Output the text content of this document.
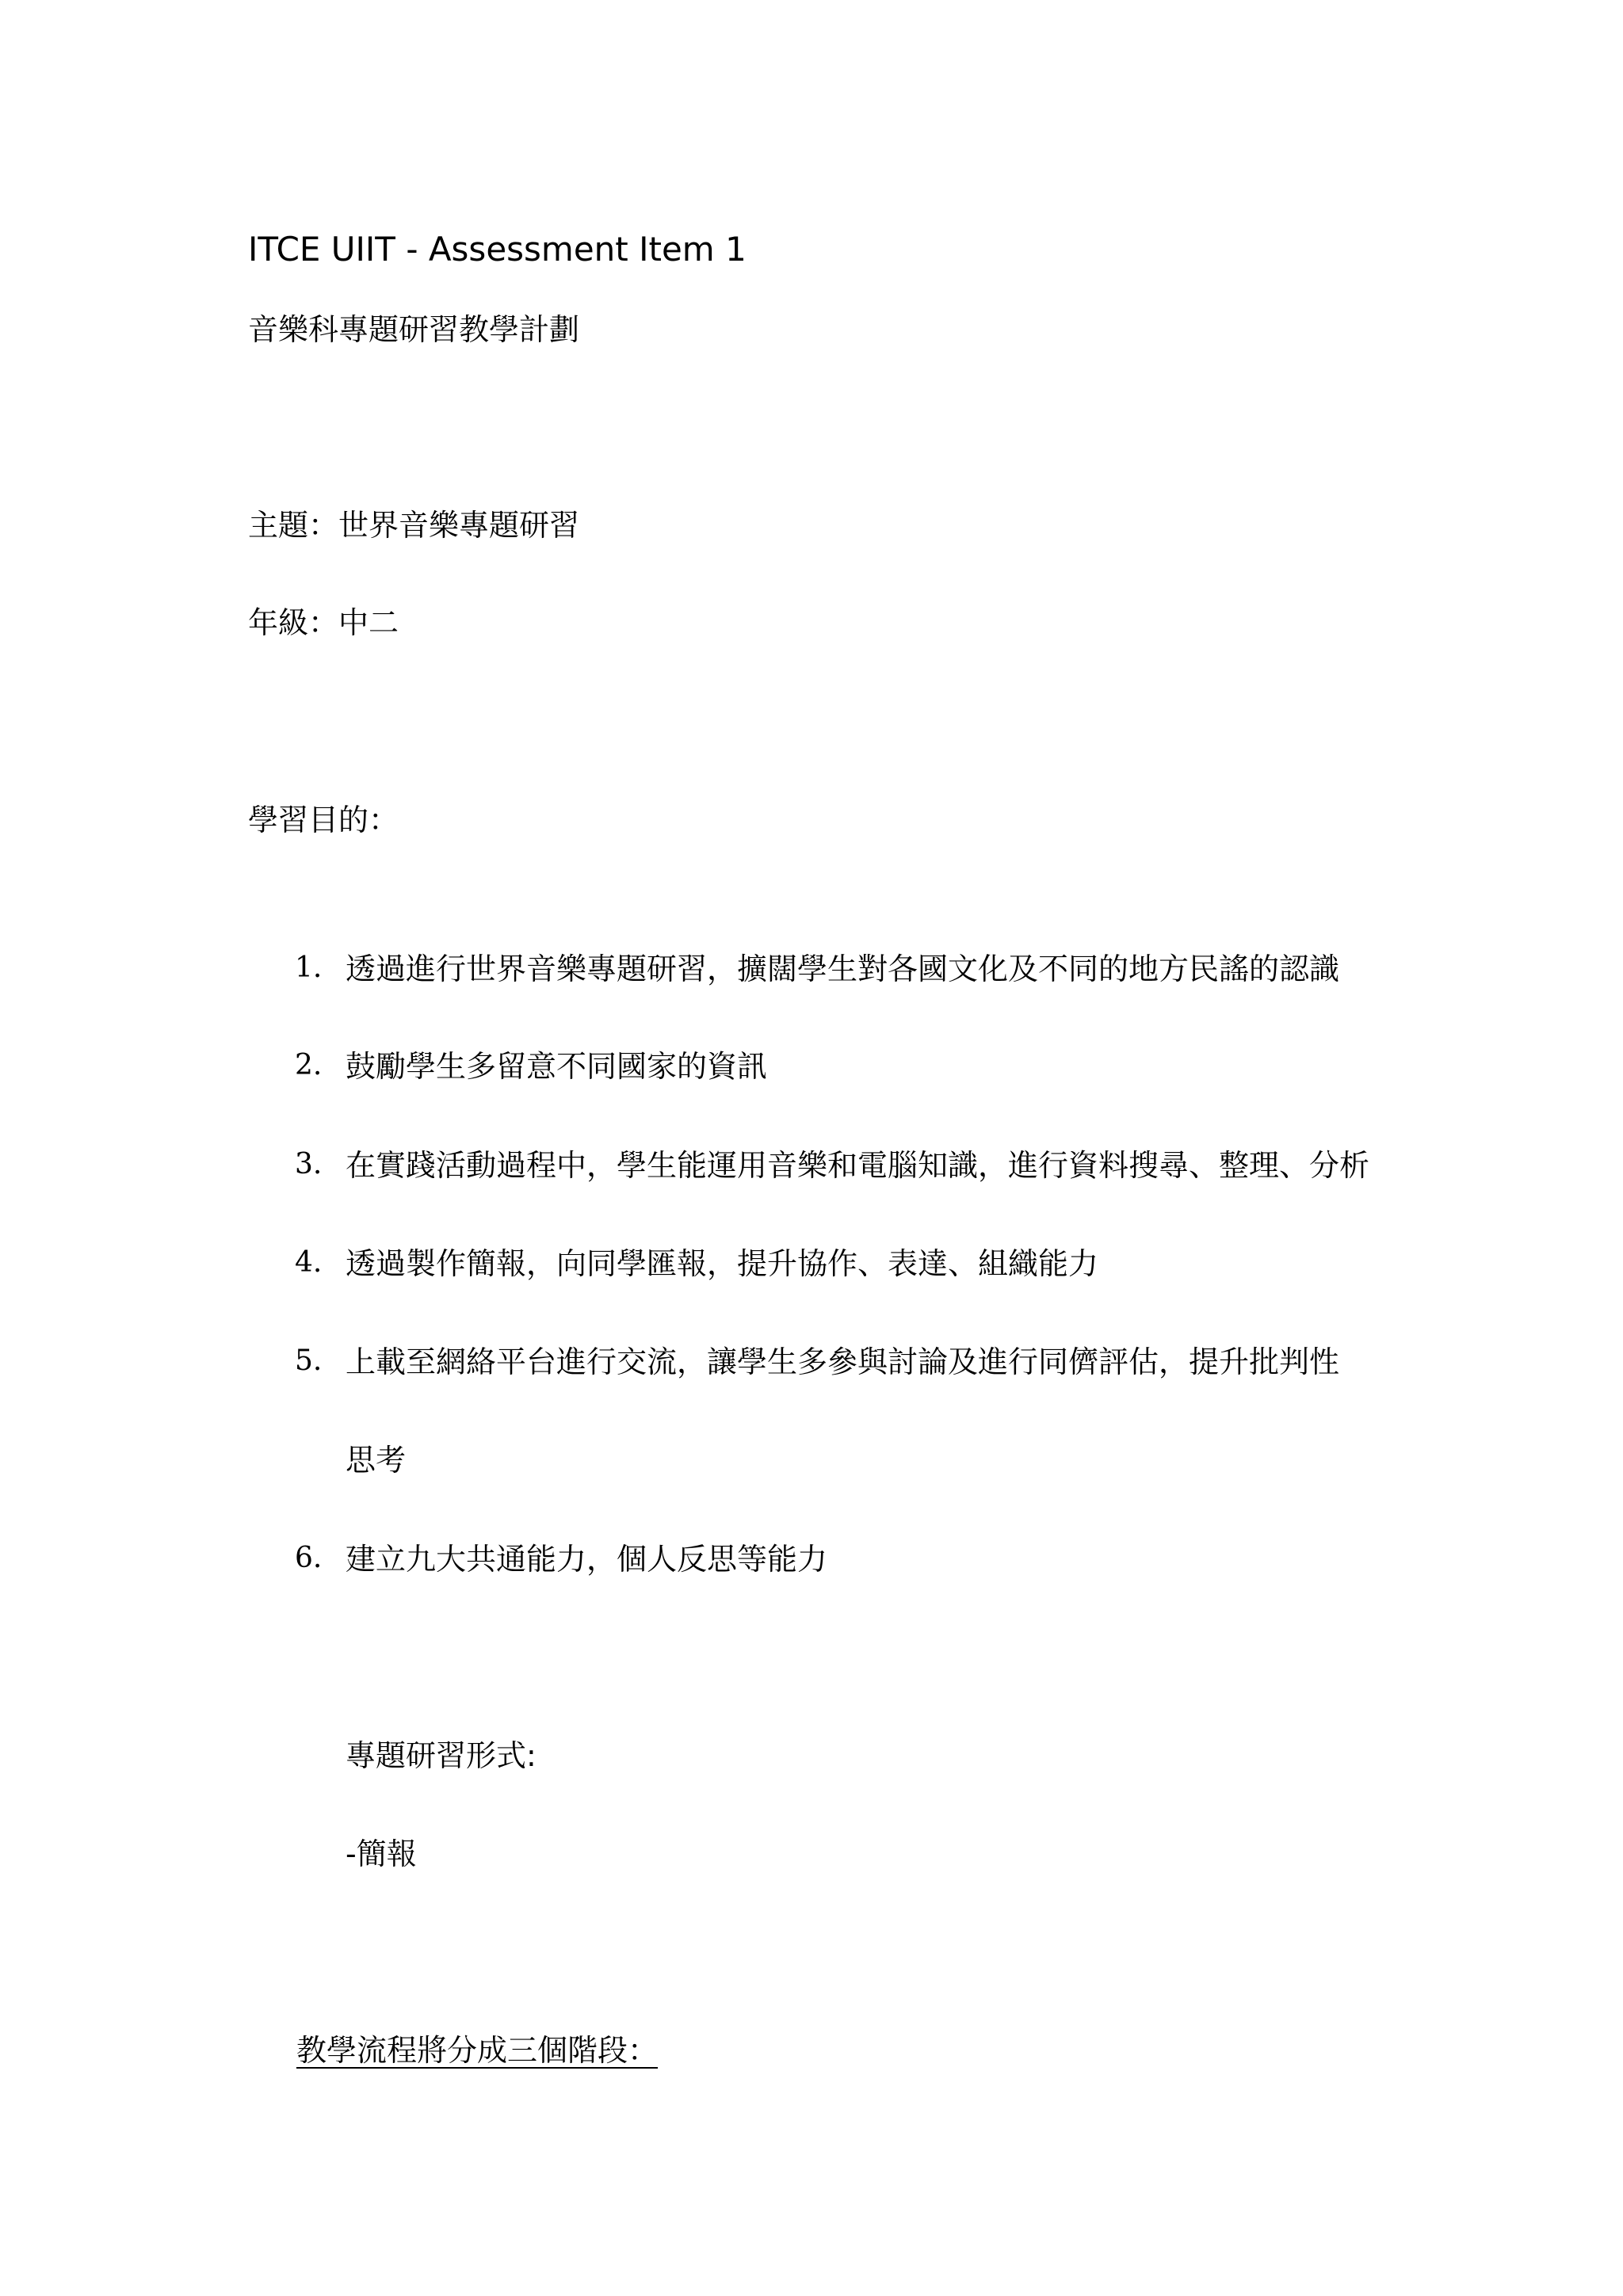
ITCE UIIT - Assessment Item 1
音樂科專題研習教學計劃
主題：世界音樂專題研習
年級：中二
學習目的：
1. 透過進行世界音樂專題研習，擴闊學生對各國文化及不同的地方民謠的認識
2. 鼓勵學生多留意不同國家的資訊
3. 在實踐活動過程中，學生能運用音樂和電腦知識，進行資料搜尋、整理、分析
4. 透過製作簡報，向同學匯報，提升協作、表達、組織能力
5. 上載至網絡平台進行交流，讓學生多參與討論及進行同儕評估，提升批判性
思考
6. 建立九大共通能力，個人反思等能力
專題研習形式:
-簡報
教學流程將分成三個階段：
